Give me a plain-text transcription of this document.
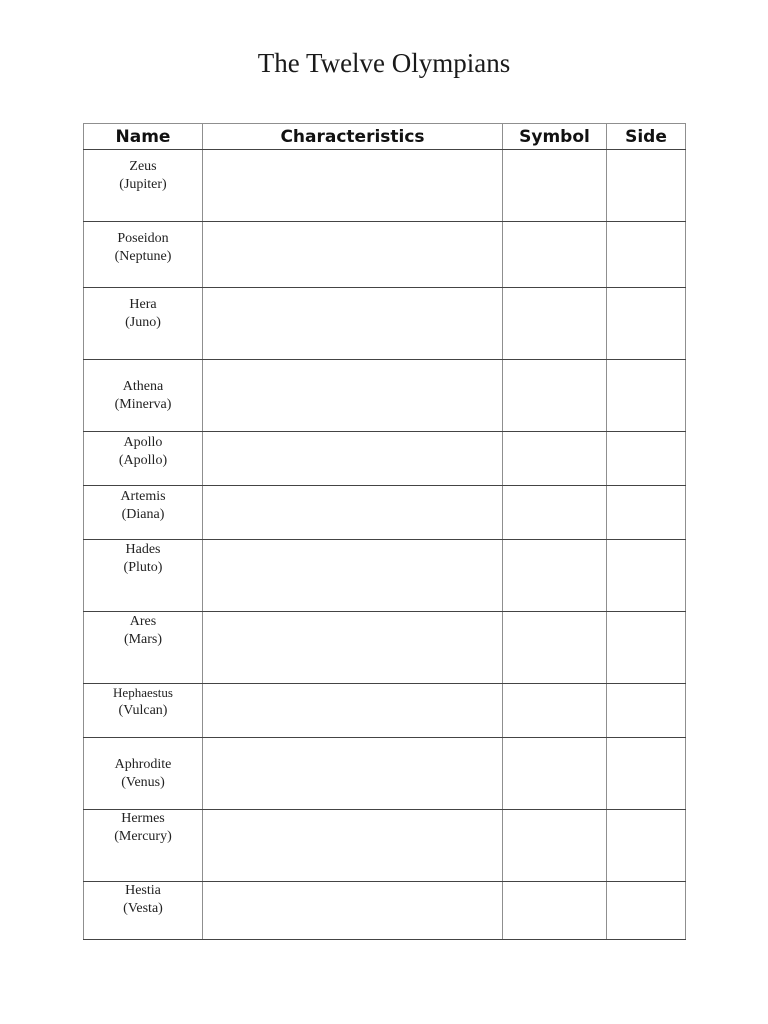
The Twelve Olympians
Name	Characteristics	Symbol	Side

Zeus
(Jupiter)			

Poseidon
(Neptune)			

Hera
(Juno)			

Athena
(Minerva)			

Apollo
(Apollo)			

Artemis
(Diana)			

Hades
(Pluto)			

Ares
(Mars)			

Hephaestus
(Vulcan)			

Aphrodite
(Venus)			

Hermes
(Mercury)			

Hestia
(Vesta)			
